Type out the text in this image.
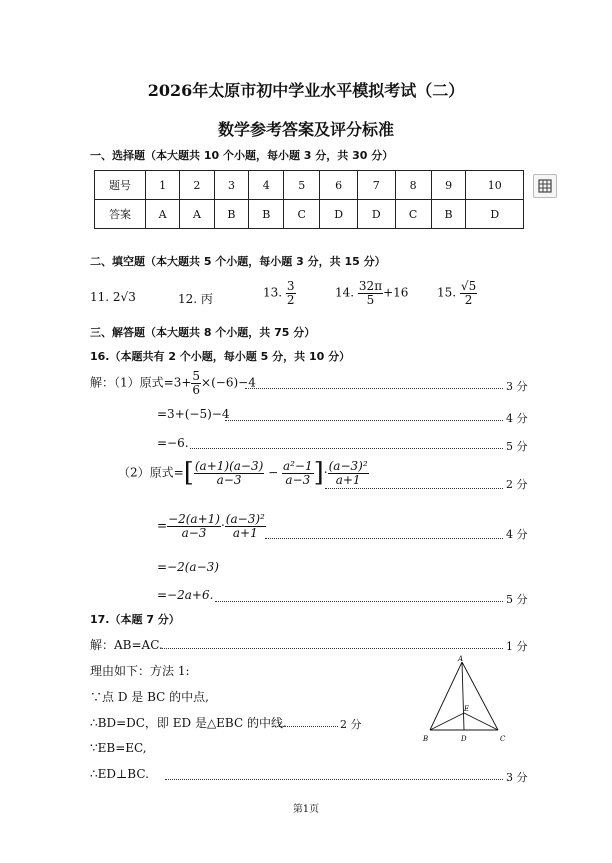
2026年太原市初中学业水平模拟考试（二）
数学参考答案及评分标准
一、选择题（本大题共 10 个小题，每小题 3 分，共 30 分）
题号	1	2	3	4	5	6	7	8	9	10
答案	A	A	B	B	C	D	D	C	B	D
二、填空题（本大题共 5 个小题，每小题 3 分，共 15 分）
11. 2√3	12. 丙	13. $\frac{3}{2}$	14. $\frac{32\pi}{5} +16$ 15. $\frac{√5}{2}$
三、解答题（本大题共 8 个小题，共 75 分）
16.（本题共有 2 个小题，每小题 5 分，共 10 分）
解：（1）原式$=3+ \frac{5}{6} \times(-6)-4$	3 分
=3+(−5)−4	4 分
=−6.	5 分
（2）原式=[ $\frac{(a+1)(a-3)}{a-3} - \frac{\text{a²−1}}{a-3}$ ]· $\frac{\text{(a−3)²}}{a+1}$	2 分
= $\frac{-2(a+1)}{a-3} \cdot \frac{\text{(a−3)²}}{a+1}$	4 分
=−2(a−3)
=−2a+6.	5 分
17.（本题 7 分）
解：AB=AC.	1 分
理由如下：方法 1:
∵点 D 是 BC 的中点,
∴BD=DC，即 ED 是△EBC 的中线.	2 分
∵EB=EC,
∴ED⊥BC.	3 分
A
B	C
D
E
第1页
